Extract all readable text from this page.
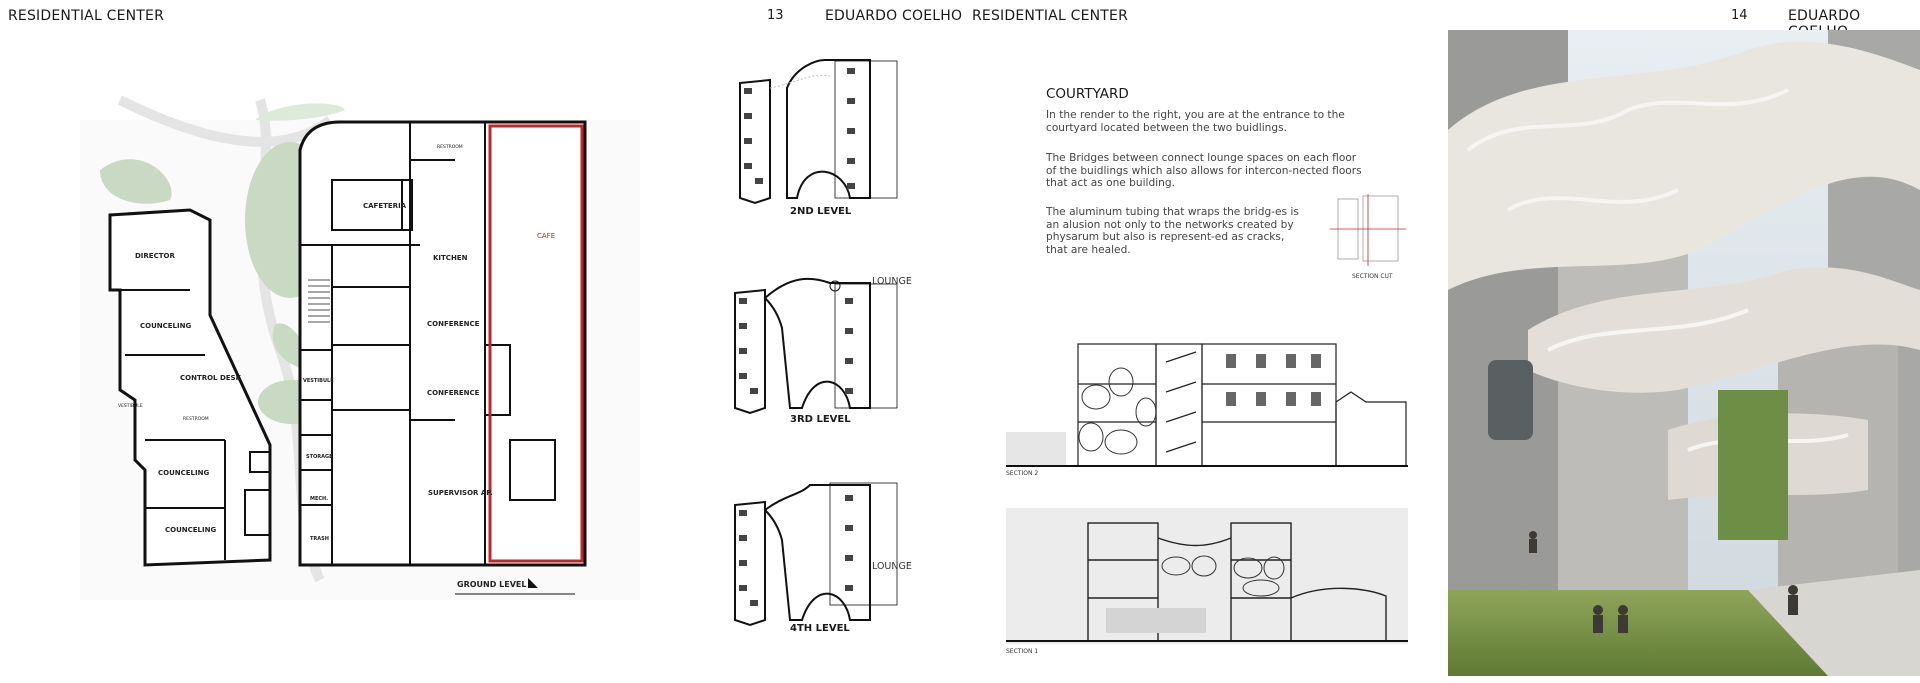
RESIDENTIAL CENTER	13	EDUARDO COELHO
DIRECTOR
COUNCELING
CONTROL DESK
VESTIBULE
RESTROOM
COUNCELING
COUNCELING
CAFETERIA
RESTROOM
KITCHEN
CONFERENCE
CONFERENCE
VESTIBULE
STORAGE
MECH.
TRASH
SUPERVISOR AP.
CAFE
GROUND LEVEL
2ND LEVEL
3RD LEVEL
LOUNGE
4TH LEVEL
LOUNGE
RESIDENTIAL CENTER	14	EDUARDO
COURTYARD

In the render to the right, you are at the entrance to the courtyard located between the two buidlings.

The Bridges between connect lounge spaces on each floor of the buidlings which also allows for intercon-nected floors that act as one building.

The aluminum tubing that wraps the bridg-es is an alusion not only to the networks created by physarum but also is represent-ed as cracks, that are healed.

SECTION CUT
SECTION 2
SECTION 1
